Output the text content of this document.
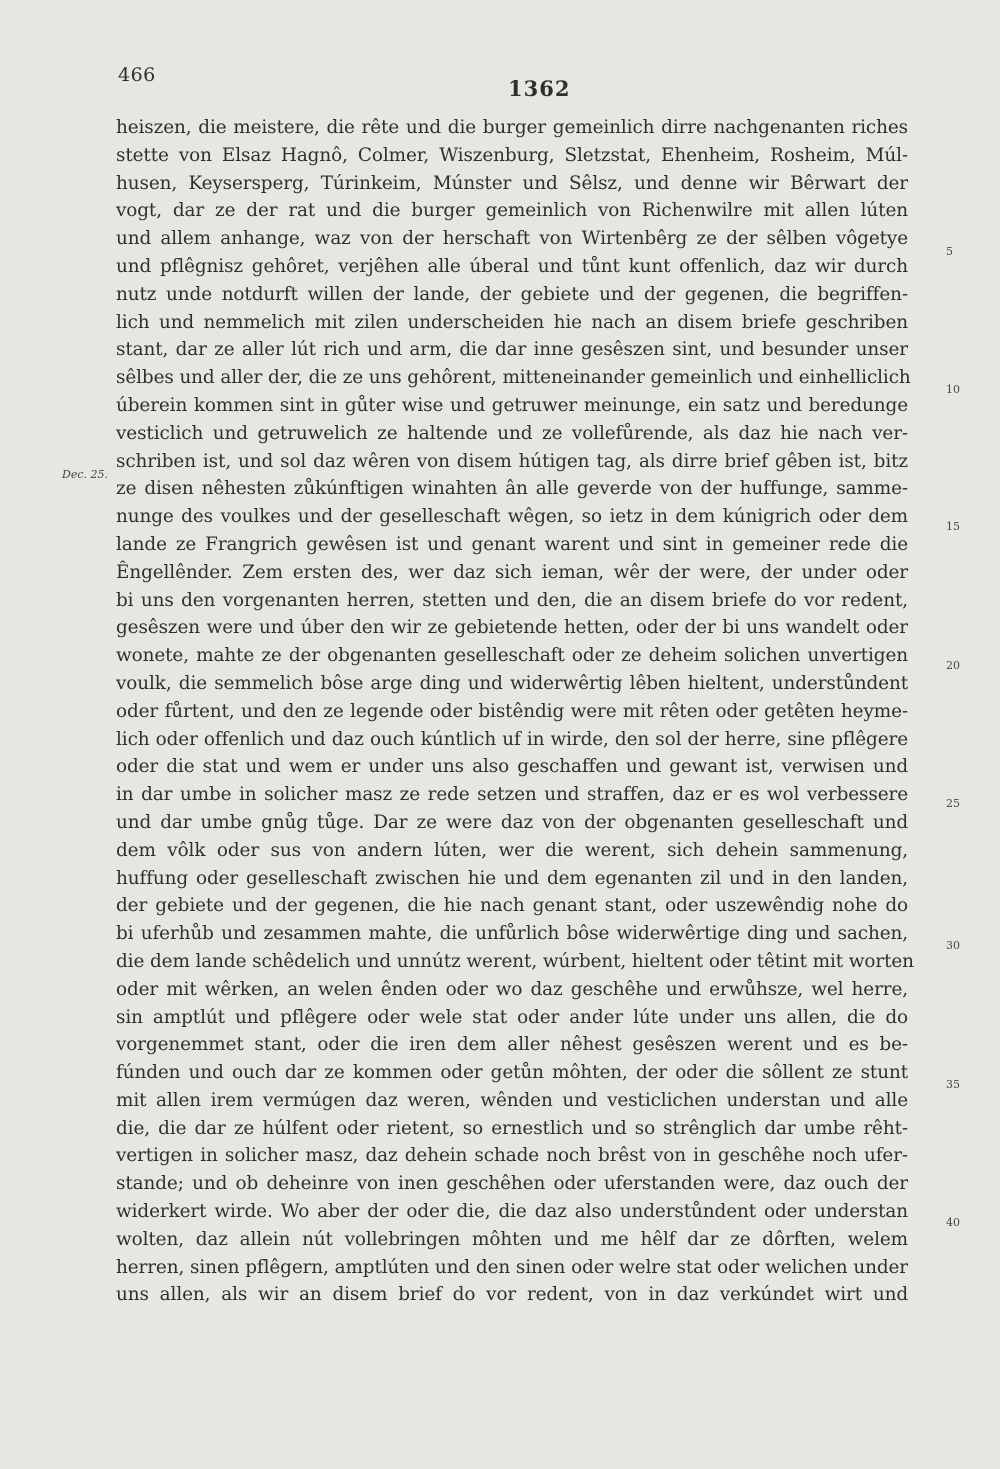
466
1362
Dec. 25.
5
10
15
20
25
30
35
40
heiszen, die meistere, die rête und die burger gemeinlich dirre nachgenanten riches
stette von Elsaz Hagnô, Colmer, Wiszenburg, Sletzstat, Ehenheim, Rosheim, Múl-
husen, Keysersperg, Túrinkeim, Múnster und Sêlsz, und denne wir Bêrwart der
vogt, dar ze der rat und die burger gemeinlich von Richenwilre mit allen lúten
und allem anhange, waz von der herschaft von Wirtenbêrg ze der sêlben vôgetye
und pflêgnisz gehôret, verjêhen alle úberal und tůnt kunt offenlich, daz wir durch
nutz unde notdurft willen der lande, der gebiete und der gegenen, die begriffen-
lich und nemmelich mit zilen underscheiden hie nach an disem briefe geschriben
stant, dar ze aller lút rich und arm, die dar inne gesêszen sint, und besunder unser
sêlbes und aller der, die ze uns gehôrent, mitteneinander gemeinlich und einhelliclich
úberein kommen sint in gůter wise und getruwer meinunge, ein satz und beredunge
vesticlich und getruwelich ze haltende und ze vollefůrende, als daz hie nach ver-
schriben ist, und sol daz wêren von disem hútigen tag, als dirre brief gêben ist, bitz
ze disen nêhesten zůkúnftigen winahten ân alle geverde von der huffunge, samme-
nunge des voulkes und der geselleschaft wêgen, so ietz in dem kúnigrich oder dem
lande ze Frangrich gewêsen ist und genant warent und sint in gemeiner rede die
Êngellênder. Zem ersten des, wer daz sich ieman, wêr der were, der under oder
bi uns den vorgenanten herren, stetten und den, die an disem briefe do vor redent,
gesêszen were und úber den wir ze gebietende hetten, oder der bi uns wandelt oder
wonete, mahte ze der obgenanten geselleschaft oder ze deheim solichen unvertigen
voulk, die semmelich bôse arge ding und widerwêrtig lêben hieltent, understůndent
oder fůrtent, und den ze legende oder bistêndig were mit rêten oder getêten heyme-
lich oder offenlich und daz ouch kúntlich uf in wirde, den sol der herre, sine pflêgere
oder die stat und wem er under uns also geschaffen und gewant ist, verwisen und
in dar umbe in solicher masz ze rede setzen und straffen, daz er es wol verbessere
und dar umbe gnůg tůge. Dar ze were daz von der obgenanten geselleschaft und
dem vôlk oder sus von andern lúten, wer die werent, sich dehein sammenung,
huffung oder geselleschaft zwischen hie und dem egenanten zil und in den landen,
der gebiete und der gegenen, die hie nach genant stant, oder uszewêndig nohe do
bi uferhůb und zesammen mahte, die unfůrlich bôse widerwêrtige ding und sachen,
die dem lande schêdelich und unnútz werent, wúrbent, hieltent oder têtint mit worten
oder mit wêrken, an welen ênden oder wo daz geschêhe und erwůhsze, wel herre,
sin amptlút und pflêgere oder wele stat oder ander lúte under uns allen, die do
vorgenemmet stant, oder die iren dem aller nêhest gesêszen werent und es be-
fúnden und ouch dar ze kommen oder getůn môhten, der oder die sôllent ze stunt
mit allen irem vermúgen daz weren, wênden und vesticlichen understan und alle
die, die dar ze húlfent oder rietent, so ernestlich und so strênglich dar umbe rêht-
vertigen in solicher masz, daz dehein schade noch brêst von in geschêhe noch ufer-
stande; und ob deheinre von inen geschêhen oder uferstanden were, daz ouch der
widerkert wirde. Wo aber der oder die, die daz also understůndent oder understan
wolten, daz allein nút vollebringen môhten und me hêlf dar ze dôrften, welem
herren, sinen pflêgern, amptlúten und den sinen oder welre stat oder welichen under
uns allen, als wir an disem brief do vor redent, von in daz verkúndet wirt und
